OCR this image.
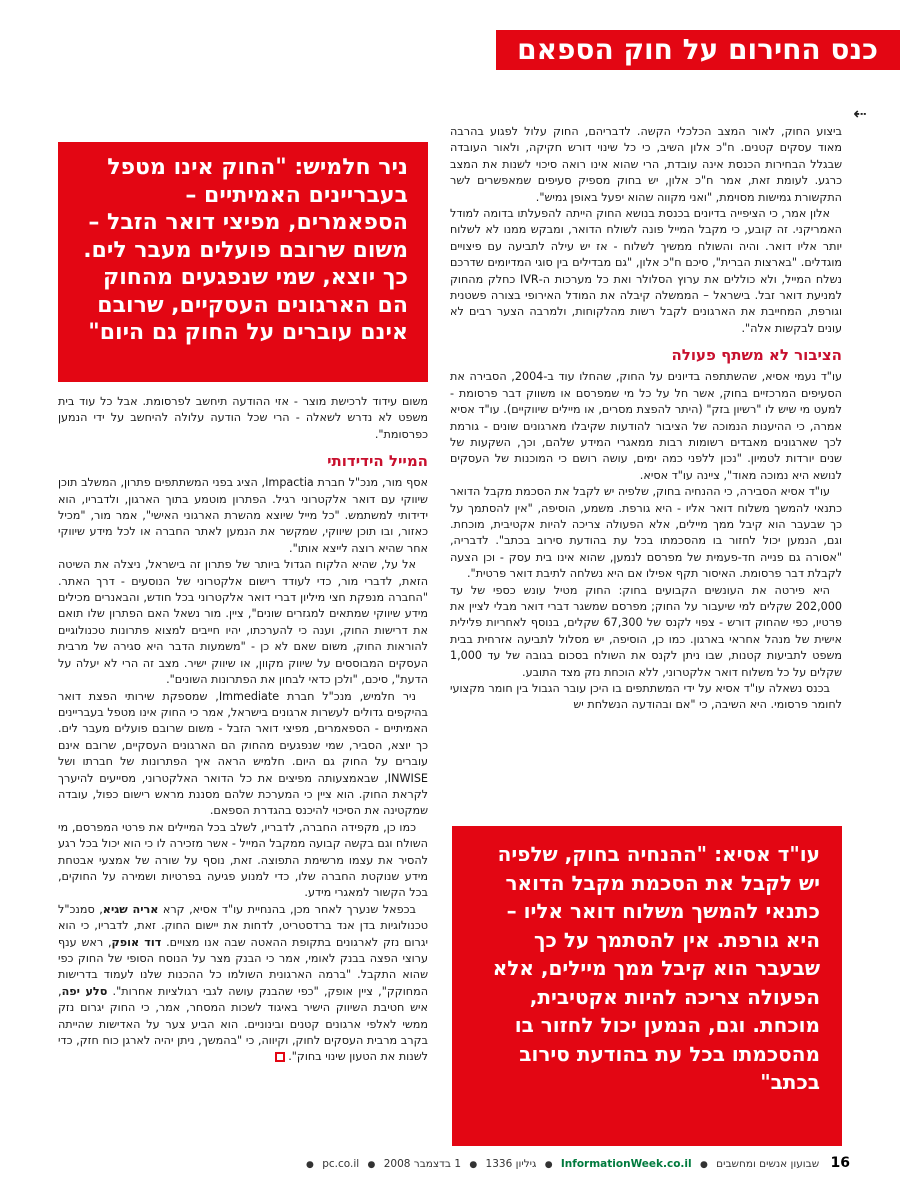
כנס החירום על חוק הספאם
⇠

ביצוע החוק, לאור המצב הכלכלי הקשה. לדבריהם, החוק עלול לפגוע בהרבה מאוד עסקים קטנים. ח"כ אלון השיב, כי כל שינוי דורש חקיקה, ולאור העובדה שבגלל הבחירות הכנסת אינה עובדת, הרי שהוא אינו רואה סיכוי לשנות את המצב כרגע. לעומת זאת, אמר ח"כ אלון, יש בחוק מספיק סעיפים שמאפשרים לשר התקשורת גמישות מסוימת, "ואני מקווה שהוא יפעל באופן גמיש".

אלון אמר, כי הציפייה בדיונים בכנסת בנושא החוק הייתה להפעלתו בדומה למודל האמריקני. זה קובע, כי מקבל המייל פונה לשולח הדואר, ומבקש ממנו לא לשלוח יותר אליו דואר. והיה והשולח ממשיך לשלוח - אז יש עילה לתביעה עם פיצויים מוגדלים. "בארצות הברית", סיכם ח"כ אלון, "גם מבדילים בין סוגי המדיומים שדרכם נשלח המייל, ולא כוללים את ערוץ הסלולר ואת כל מערכות ה-IVR כחלק מהחוק למניעת דואר זבל. בישראל – הממשלה קיבלה את המודל האירופי בצורה פשטנית וגורפת, המחייבת את הארגונים לקבל רשות מהלקוחות, ולמרבה הצער רבים לא עונים לבקשות אלה".

הציבור לא משתף פעולה

עו"ד נעמי אסיא, שהשתתפה בדיונים על החוק, שהחלו עוד ב-2004, הסבירה את הסעיפים המרכזיים בחוק, אשר חל על כל מי שמפרסם או משווק דבר פרסומת - למעט מי שיש לו "רשיון בזק" (היתר להפצת מסרים, או מיילים שיווקיים). עו"ד אסיא אמרה, כי ההיענות הנמוכה של הציבור להודעות שקיבלו מארגונים שונים - גורמת לכך שארגונים מאבדים רשומות רבות ממאגרי המידע שלהם, וכך, השקעות של שנים יורדות לטמיון. "נכון ללפני כמה ימים, עושה רושם כי המוכנות של העסקים לנושא היא נמוכה מאוד", ציינה עו"ד אסיא.

עו"ד אסיא הסבירה, כי ההנחיה בחוק, שלפיה יש לקבל את הסכמת מקבל הדואר כתנאי להמשך משלוח דואר אליו - היא גורפת. משמע, הוסיפה, "אין להסתמך על כך שבעבר הוא קיבל ממך מיילים, אלא הפעולה צריכה להיות אקטיבית, מוכחת. וגם, הנמען יכול לחזור בו מהסכמתו בכל עת בהודעת סירוב בכתב". לדבריה, "אסורה גם פנייה חד-פעמית של מפרסם לנמען, שהוא אינו בית עסק - וכן הצעה לקבלת דבר פרסומת. האיסור תקף אפילו אם היא נשלחה לתיבת דואר פרטית".

היא פירטה את העונשים הקבועים בחוק: החוק מטיל עונש כספי של עד 202,000 שקלים למי שיעבור על החוק; מפרסם שמשגר דברי דואר מבלי לציין את פרטיו, כפי שהחוק דורש - צפוי לקנס של 67,300 שקלים, בנוסף לאחריות פלילית אישית של מנהל אחראי בארגון. כמו כן, הוסיפה, יש מסלול לתביעה אזרחית בבית משפט לתביעות קטנות, שבו ניתן לקנס את השולח בסכום בגובה של עד 1,000 שקלים על כל משלוח דואר אלקטרוני, ללא הוכחת נזק מצד התובע.

בכנס נשאלה עו"ד אסיא על ידי המשתתפים בו היכן עובר הגבול בין חומר מקצועי לחומר פרסומי. היא השיבה, כי "אם ובהודעה הנשלחת יש

משום עידוד לרכישת מוצר - אזי ההודעה תיחשב לפרסומת. אבל כל עוד בית משפט לא נדרש לשאלה - הרי שכל הודעה עלולה להיחשב על ידי הנמען כפרסומת".

המייל הידידותי

אסף מור, מנכ"ל חברת Impactia, הציג בפני המשתתפים פתרון, המשלב תוכן שיווקי עם דואר אלקטרוני רגיל. הפתרון מוטמע בתוך הארגון, ולדבריו, הוא ידידותי למשתמש. "כל מייל שיוצא מהשרת הארגוני האישי", אמר מור, "מכיל כאזור, ובו תוכן שיווקי, שמקשר את הנמען לאתר החברה או לכל מידע שיווקי אחר שהיא רוצה לייצא אותו".

אל על, שהיא הלקוח הגדול ביותר של פתרון זה בישראל, ניצלה את השיטה הזאת, לדברי מור, כדי לעודד רישום אלקטרוני של הנוסעים - דרך האתר. "החברה מנפקת חצי מיליון דברי דואר אלקטרוני בכל חודש, והבאנרים מכילים מידע שיווקי שמתאים למגזרים שונים", ציין. מור נשאל האם הפתרון שלו תואם את דרישות החוק, וענה כי להערכתו, יהיו חייבים למצוא פתרונות טכנולוגיים להוראות החוק, משום שאם לא כן - "משמעות הדבר היא סגירה של מרבית העסקים המבוססים על שיווק מקוון, או שיווק ישיר. מצב זה הרי לא יעלה על הדעת", סיכם, "ולכן כדאי לבחון את הפתרונות השונים".

ניר חלמיש, מנכ"ל חברת Immediate, שמספקת שירותי הפצת דואר בהיקפים גדולים לעשרות ארגונים בישראל, אמר כי החוק אינו מטפל בעבריינים האמיתיים - הספאמרים, מפיצי דואר הזבל - משום שרובם פועלים מעבר לים. כך יוצא, הסביר, שמי שנפגעים מהחוק הם הארגונים העסקיים, שרובם אינם עוברים על החוק גם היום. חלמיש הראה איך הפתרונות של חברתו ושל INWISE, שבאמצעותה מפיצים את כל הדואר האלקטרוני, מסייעים להיערך לקראת החוק. הוא ציין כי המערכת שלהם מסננת מראש רישום כפול, עובדה שמקטינה את הסיכוי להיכנס בהגדרת הספאם.

כמו כן, מקפידה החברה, לדבריו, לשלב בכל המיילים את פרטי המפרסם, מי השולח וגם בקשה קבועה ממקבל המייל - אשר מזכירה לו כי הוא יכול בכל רגע להסיר את עצמו מרשימת התפוצה. זאת, נוסף על שורה של אמצעי אבטחת מידע שנוקטת החברה שלו, כדי למנוע פגיעה בפרטיות ושמירה על החוקים, בכל הקשור למאגרי מידע.

בכפאל שנערך לאחר מכן, בהנחיית עו"ד אסיא, קרא אריה שגיא, סמנכ"ל טכנולוגיות בדן אנד ברדסטריט, לדחות את יישום החוק. זאת, לדבריו, כי הוא יגרום נזק לארגונים בתקופת ההאטה שבה אנו מצויים. דוד אופק, ראש ענף ערוצי הפצה בבנק לאומי, אמר כי הבנק מצר על הנוסח הסופי של החוק כפי שהוא התקבל. "ברמה הארגונית השולמו כל ההכנות שלנו לעמוד בדרישות המחוקק", ציין אופק, "כפי שהבנק עושה לגבי רגולציות אחרות". סלע יפה, איש חטיבת השיווק הישיר באיגוד לשכות המסחר, אמר, כי החוק יגרום נזק ממשי לאלפי ארגונים קטנים ובינוניים. הוא הביע צער על האדישות שהייתה בקרב מרבית העסקים לחוק, וקיווה, כי "בהמשך, ניתן יהיה לארגן כוח חזק, כדי לשנות את הטעון שינוי בחוק".

ניר חלמיש: "החוק אינו מטפל בעבריינים האמיתיים – הספאמרים, מפיצי דואר הזבל – משום שרובם פועלים מעבר לים. כך יוצא, שמי שנפגעים מהחוק הם הארגונים העסקיים, שרובם אינם עוברים על החוק גם היום"
עו"ד אסיא: "ההנחיה בחוק, שלפיה יש לקבל את הסכמת מקבל הדואר כתנאי להמשך משלוח דואר אליו – היא גורפת. אין להסתמך על כך שבעבר הוא קיבל ממך מיילים, אלא הפעולה צריכה להיות אקטיבית, מוכחת. וגם, הנמען יכול לחזור בו מהסכמתו בכל עת בהודעת סירוב בכתב"
16 שבועון אנשים ומחשבים ● InformationWeek.co.il ● גיליון 1336 ● 1 בדצמבר 2008 ● pc.co.il ●
